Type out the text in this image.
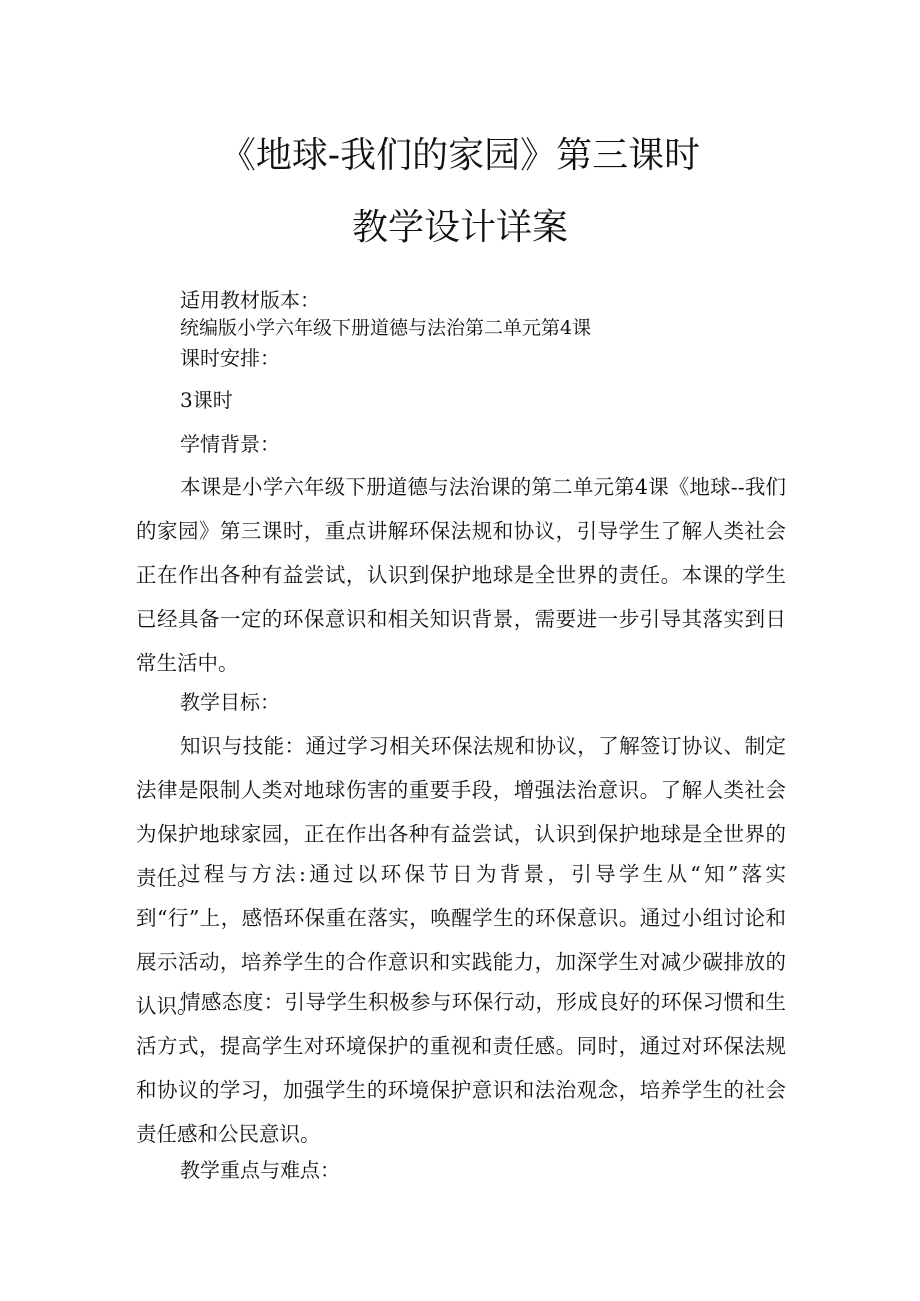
《地球-我们的家园》第三课时
教学设计详案
适用教材版本：
统编版小学六年级下册道德与法治第二单元第4课
课时安排：
3课时
学情背景：

本课是小学六年级下册道德与法治课的第二单元第4课《地球--我们的家园》第三课时，重点讲解环保法规和协议，引导学生了解人类社会正在作出各种有益尝试，认识到保护地球是全世界的责任。本课的学生已经具备一定的环保意识和相关知识背景，需要进一步引导其落实到日常生活中。

教学目标：

知识与技能：通过学习相关环保法规和协议，了解签订协议、制定法律是限制人类对地球伤害的重要手段，增强法治意识。了解人类社会为保护地球家园，正在作出各种有益尝试，认识到保护地球是全世界的责任。

过程与方法:通过以环保节日为背景，引导学生从“知”落实到“行”上，感悟环保重在落实，唤醒学生的环保意识。通过小组讨论和展示活动，培养学生的合作意识和实践能力，加深学生对减少碳排放的认识。

情感态度：引导学生积极参与环保行动，形成良好的环保习惯和生活方式，提高学生对环境保护的重视和责任感。同时，通过对环保法规和协议的学习，加强学生的环境保护意识和法治观念，培养学生的社会责任感和公民意识。

教学重点与难点：
